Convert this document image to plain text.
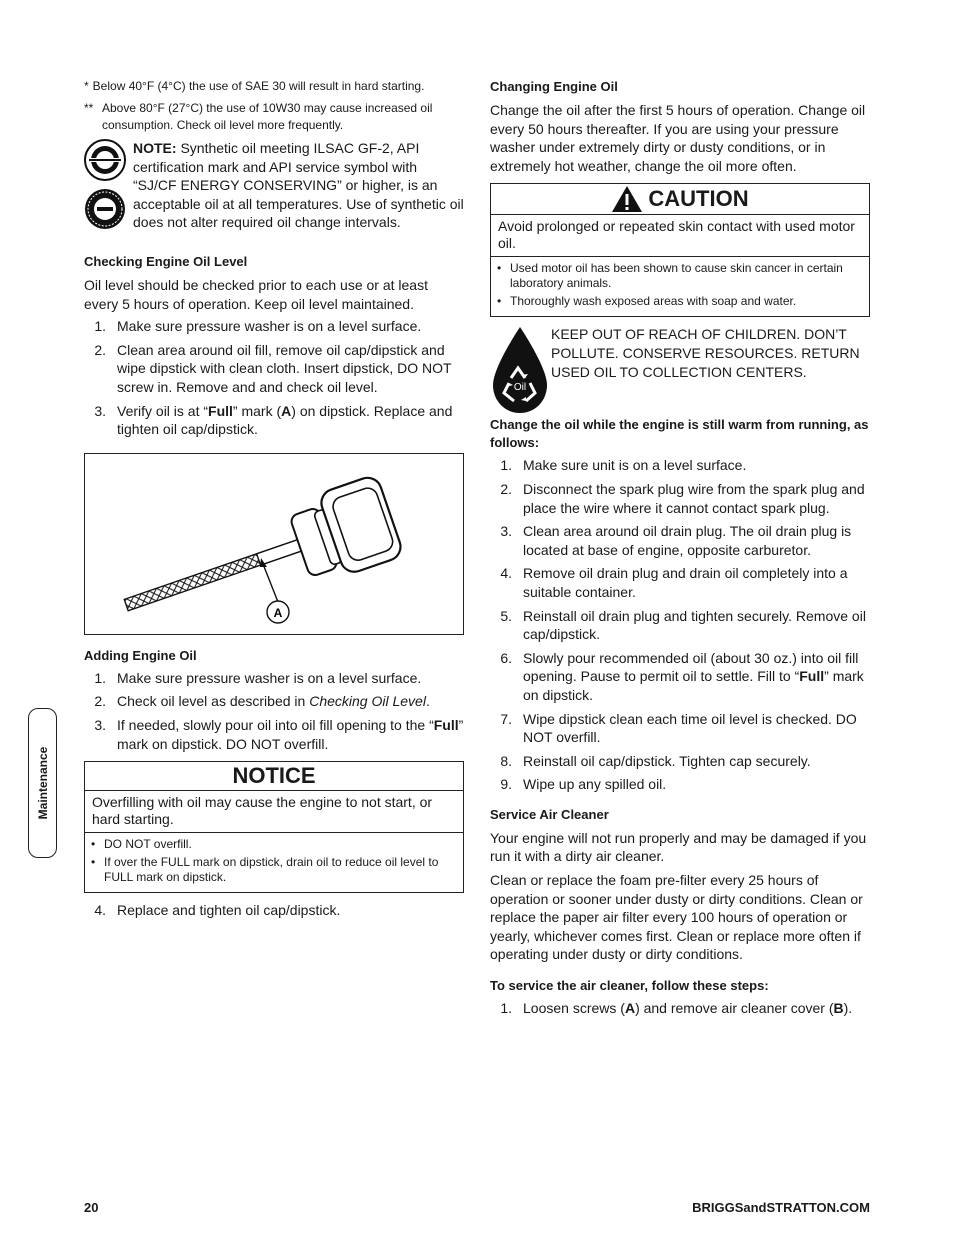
* Below 40°F (4°C) the use of SAE 30 will result in hard starting.
** Above 80°F (27°C) the use of 10W30 may cause increased oil consumption. Check oil level more frequently.

NOTE: Synthetic oil meeting ILSAC GF-2, API certification mark and API service symbol with “SJ/CF ENERGY CONSERVING” or higher, is an acceptable oil at all temperatures. Use of synthetic oil does not alter required oil change intervals.

Checking Engine Oil Level

Oil level should be checked prior to each use or at least every 5 hours of operation. Keep oil level maintained.

1. Make sure pressure washer is on a level surface.
2. Clean area around oil fill, remove oil cap/dipstick and wipe dipstick with clean cloth. Insert dipstick, DO NOT screw in. Remove and and check oil level.
3. Verify oil is at “Full” mark (A) on dipstick. Replace and tighten oil cap/dipstick.
A
Adding Engine Oil
1. Make sure pressure washer is on a level surface.
2. Check oil level as described in Checking Oil Level.
3. If needed, slowly pour oil into oil fill opening to the “Full” mark on dipstick. DO NOT overfill.
NOTICE
Overfilling with oil may cause the engine to not start, or hard starting.
• DO NOT overfill.
• If over the FULL mark on dipstick, drain oil to reduce oil level to FULL mark on dipstick.
4. Replace and tighten oil cap/dipstick.
Changing Engine Oil

Change the oil after the first 5 hours of operation. Change oil every 50 hours thereafter. If you are using your pressure washer under extremely dirty or dusty conditions, or in extremely hot weather, change the oil more often.

CAUTION
Avoid prolonged or repeated skin contact with used motor oil.
• Used motor oil has been shown to cause skin cancer in certain laboratory animals.
• Thoroughly wash exposed areas with soap and water.
Oil

KEEP OUT OF REACH OF CHILDREN. DON’T POLLUTE. CONSERVE RESOURCES. RETURN USED OIL TO COLLECTION CENTERS.

Change the oil while the engine is still warm from running, as follows:
1. Make sure unit is on a level surface.
2. Disconnect the spark plug wire from the spark plug and place the wire where it cannot contact spark plug.
3. Clean area around oil drain plug. The oil drain plug is located at base of engine, opposite carburetor.
4. Remove oil drain plug and drain oil completely into a suitable container.
5. Reinstall oil drain plug and tighten securely. Remove oil cap/dipstick.
6. Slowly pour recommended oil (about 30 oz.) into oil fill opening. Pause to permit oil to settle. Fill to “Full” mark on dipstick.
7. Wipe dipstick clean each time oil level is checked. DO NOT overfill.
8. Reinstall oil cap/dipstick. Tighten cap securely.
9. Wipe up any spilled oil.
Service Air Cleaner

Your engine will not run properly and may be damaged if you run it with a dirty air cleaner.

Clean or replace the foam pre-filter every 25 hours of operation or sooner under dusty or dirty conditions. Clean or replace the paper air filter every 100 hours of operation or yearly, whichever comes first. Clean or replace more often if operating under dusty or dirty conditions.

To service the air cleaner, follow these steps:
1. Loosen screws (A) and remove air cleaner cover (B).
Maintenance
20	BRIGGSandSTRATTON.COM
